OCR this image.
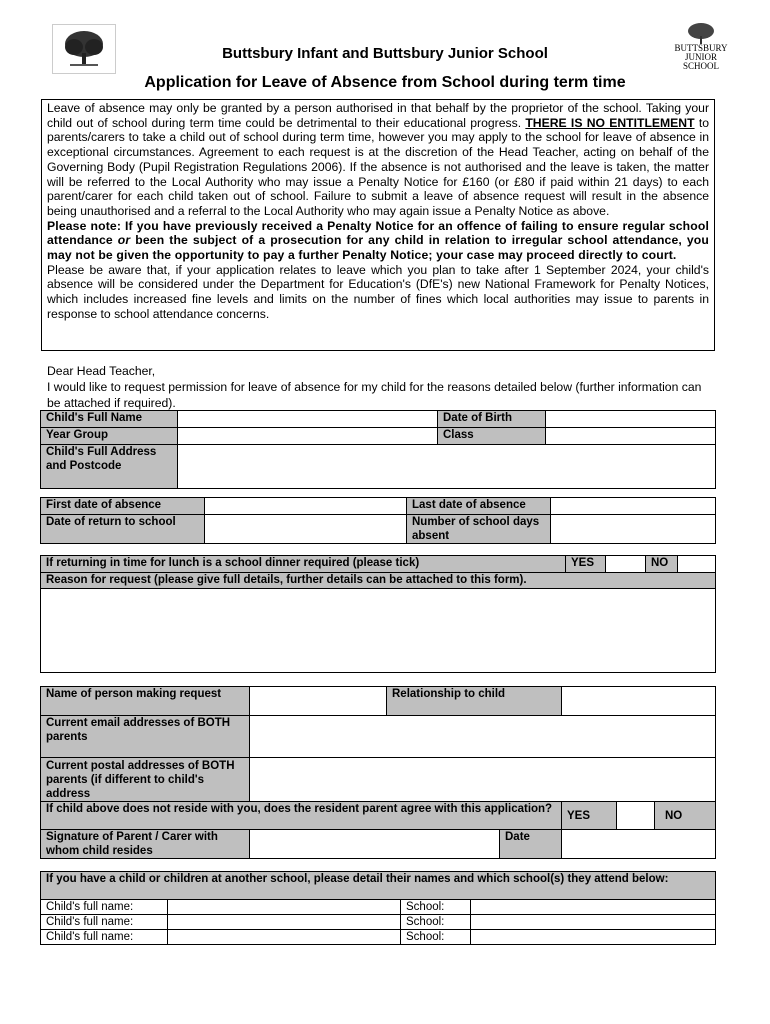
BUTTSBURY
JUNIOR SCHOOL
Buttsbury Infant and Buttsbury Junior School
Application for Leave of Absence from School during term time

Leave of absence may only be granted by a person authorised in that behalf by the proprietor of the school. Taking your child out of school during term time could be detrimental to their educational progress. THERE IS NO ENTITLEMENT to parents/carers to take a child out of school during term time, however you may apply to the school for leave of absence in exceptional circumstances. Agreement to each request is at the discretion of the Head Teacher, acting on behalf of the Governing Body (Pupil Registration Regulations 2006). If the absence is not authorised and the leave is taken, the matter will be referred to the Local Authority who may issue a Penalty Notice for £160 (or £80 if paid within 21 days) to each parent/carer for each child taken out of school. Failure to submit a leave of absence request will result in the absence being unauthorised and a referral to the Local Authority who may again issue a Penalty Notice as above.

Please note: If you have previously received a Penalty Notice for an offence of failing to ensure regular school attendance or been the subject of a prosecution for any child in relation to irregular school attendance, you may not be given the opportunity to pay a further Penalty Notice; your case may proceed directly to court.

Please be aware that, if your application relates to leave which you plan to take after 1 September 2024, your child's absence will be considered under the Department for Education's (DfE's) new National Framework for Penalty Notices, which includes increased fine levels and limits on the number of fines which local authorities may issue to parents in response to school attendance concerns.

Dear Head Teacher,
I would like to request permission for leave of absence for my child for the reasons detailed below (further information can be attached if required).
Child's Full Name		Date of Birth	
Year Group		Class	
Child's Full Address and Postcode			
First date of absence		Last date of absence	
Date of return to school		Number of school days absent	
If returning in time for lunch is a school dinner required (please tick)	YES		NO	
Reason for request (please give full details, further details can be attached to this form).

Name of person making request		Relationship to child				
Current email addresses of BOTH parents						
Current postal addresses of BOTH parents (if different to child's address						
If child above does not reside with you, does the resident parent agree with this application?				YES		NO
Signature of Parent / Carer with whom child resides			Date			
If you have a child or children at another school, please detail their names and which school(s) they attend below:			
Child's full name:		School:	
Child's full name:		School:	
Child's full name:		School:	
